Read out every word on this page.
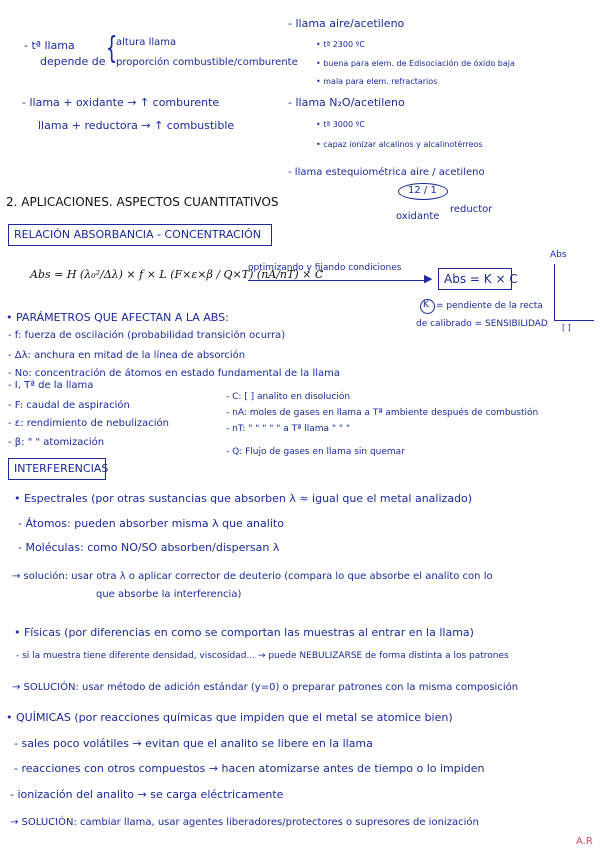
- tª llama
depende de {
altura llama
proporción combustible/comburente
- llama + oxidante → ↑ comburente
llama + reductora → ↑ combustible
- llama aire/acetileno
• tª 2300 ºC
• buena para elem. de Edisociación de óxido baja
• mala para elem. refractarios
- llama N₂O/acetileno
• tª 3000 ºC
• capaz ionizar alcalinos y alcalinotérreos
- llama estequiométrica aire / acetileno
12 / 1
oxidante
reductor
2. APLICACIONES. ASPECTOS CUANTITATIVOS
RELACIÓN ABSORBANCIA - CONCENTRACIÓN
Abs = H (λ₀²/Δλ) × f × L (F×ε×β / Q×T) (nA/nT) × C
optimizando y fijando condiciones
▶ Abs = K × C
K = pendiente de la recta
de calibrado = SENSIBILIDAD
Abs
[ ]
• PARÁMETROS QUE AFECTAN A LA ABS:
- f: fuerza de oscilación (probabilidad transición ocurra)
- Δλ: anchura en mitad de la línea de absorción
- No: concentración de átomos en estado fundamental de la llama
- I, Tª de la llama
- F: caudal de aspiración
- ε: rendimiento de nebulización
- β: " " atomización
- C: [ ] analito en disolución
- nA: moles de gases en llama a Tª ambiente después de combustión
- nT: " " " " " a Tª llama " " "
- Q: Flujo de gases en llama sin quemar
INTERFERENCIAS
• Espectrales (por otras sustancias que absorben λ ≈ igual que el metal analizado)
- Átomos: pueden absorber misma λ que analito
- Moléculas: como NO/SO absorben/dispersan λ
→ solución: usar otra λ o aplicar corrector de deuterio (compara lo que absorbe el analito con lo
que absorbe la interferencia)
• Físicas (por diferencias en como se comportan las muestras al entrar en la llama)
- si la muestra tiene diferente densidad, viscosidad... → puede NEBULIZARSE de forma distinta a los patrones
→ SOLUCIÓN: usar método de adición estándar (y=0) o preparar patrones con la misma composición
• QUÍMICAS (por reacciones químicas que impiden que el metal se atomice bien)
- sales poco volátiles → evitan que el analito se libere en la llama
- reacciones con otros compuestos → hacen atomizarse antes de tiempo o lo impiden
- ionización del analito → se carga eléctricamente
→ SOLUCIÓN: cambiar llama, usar agentes liberadores/protectores o supresores de ionización
A.R
